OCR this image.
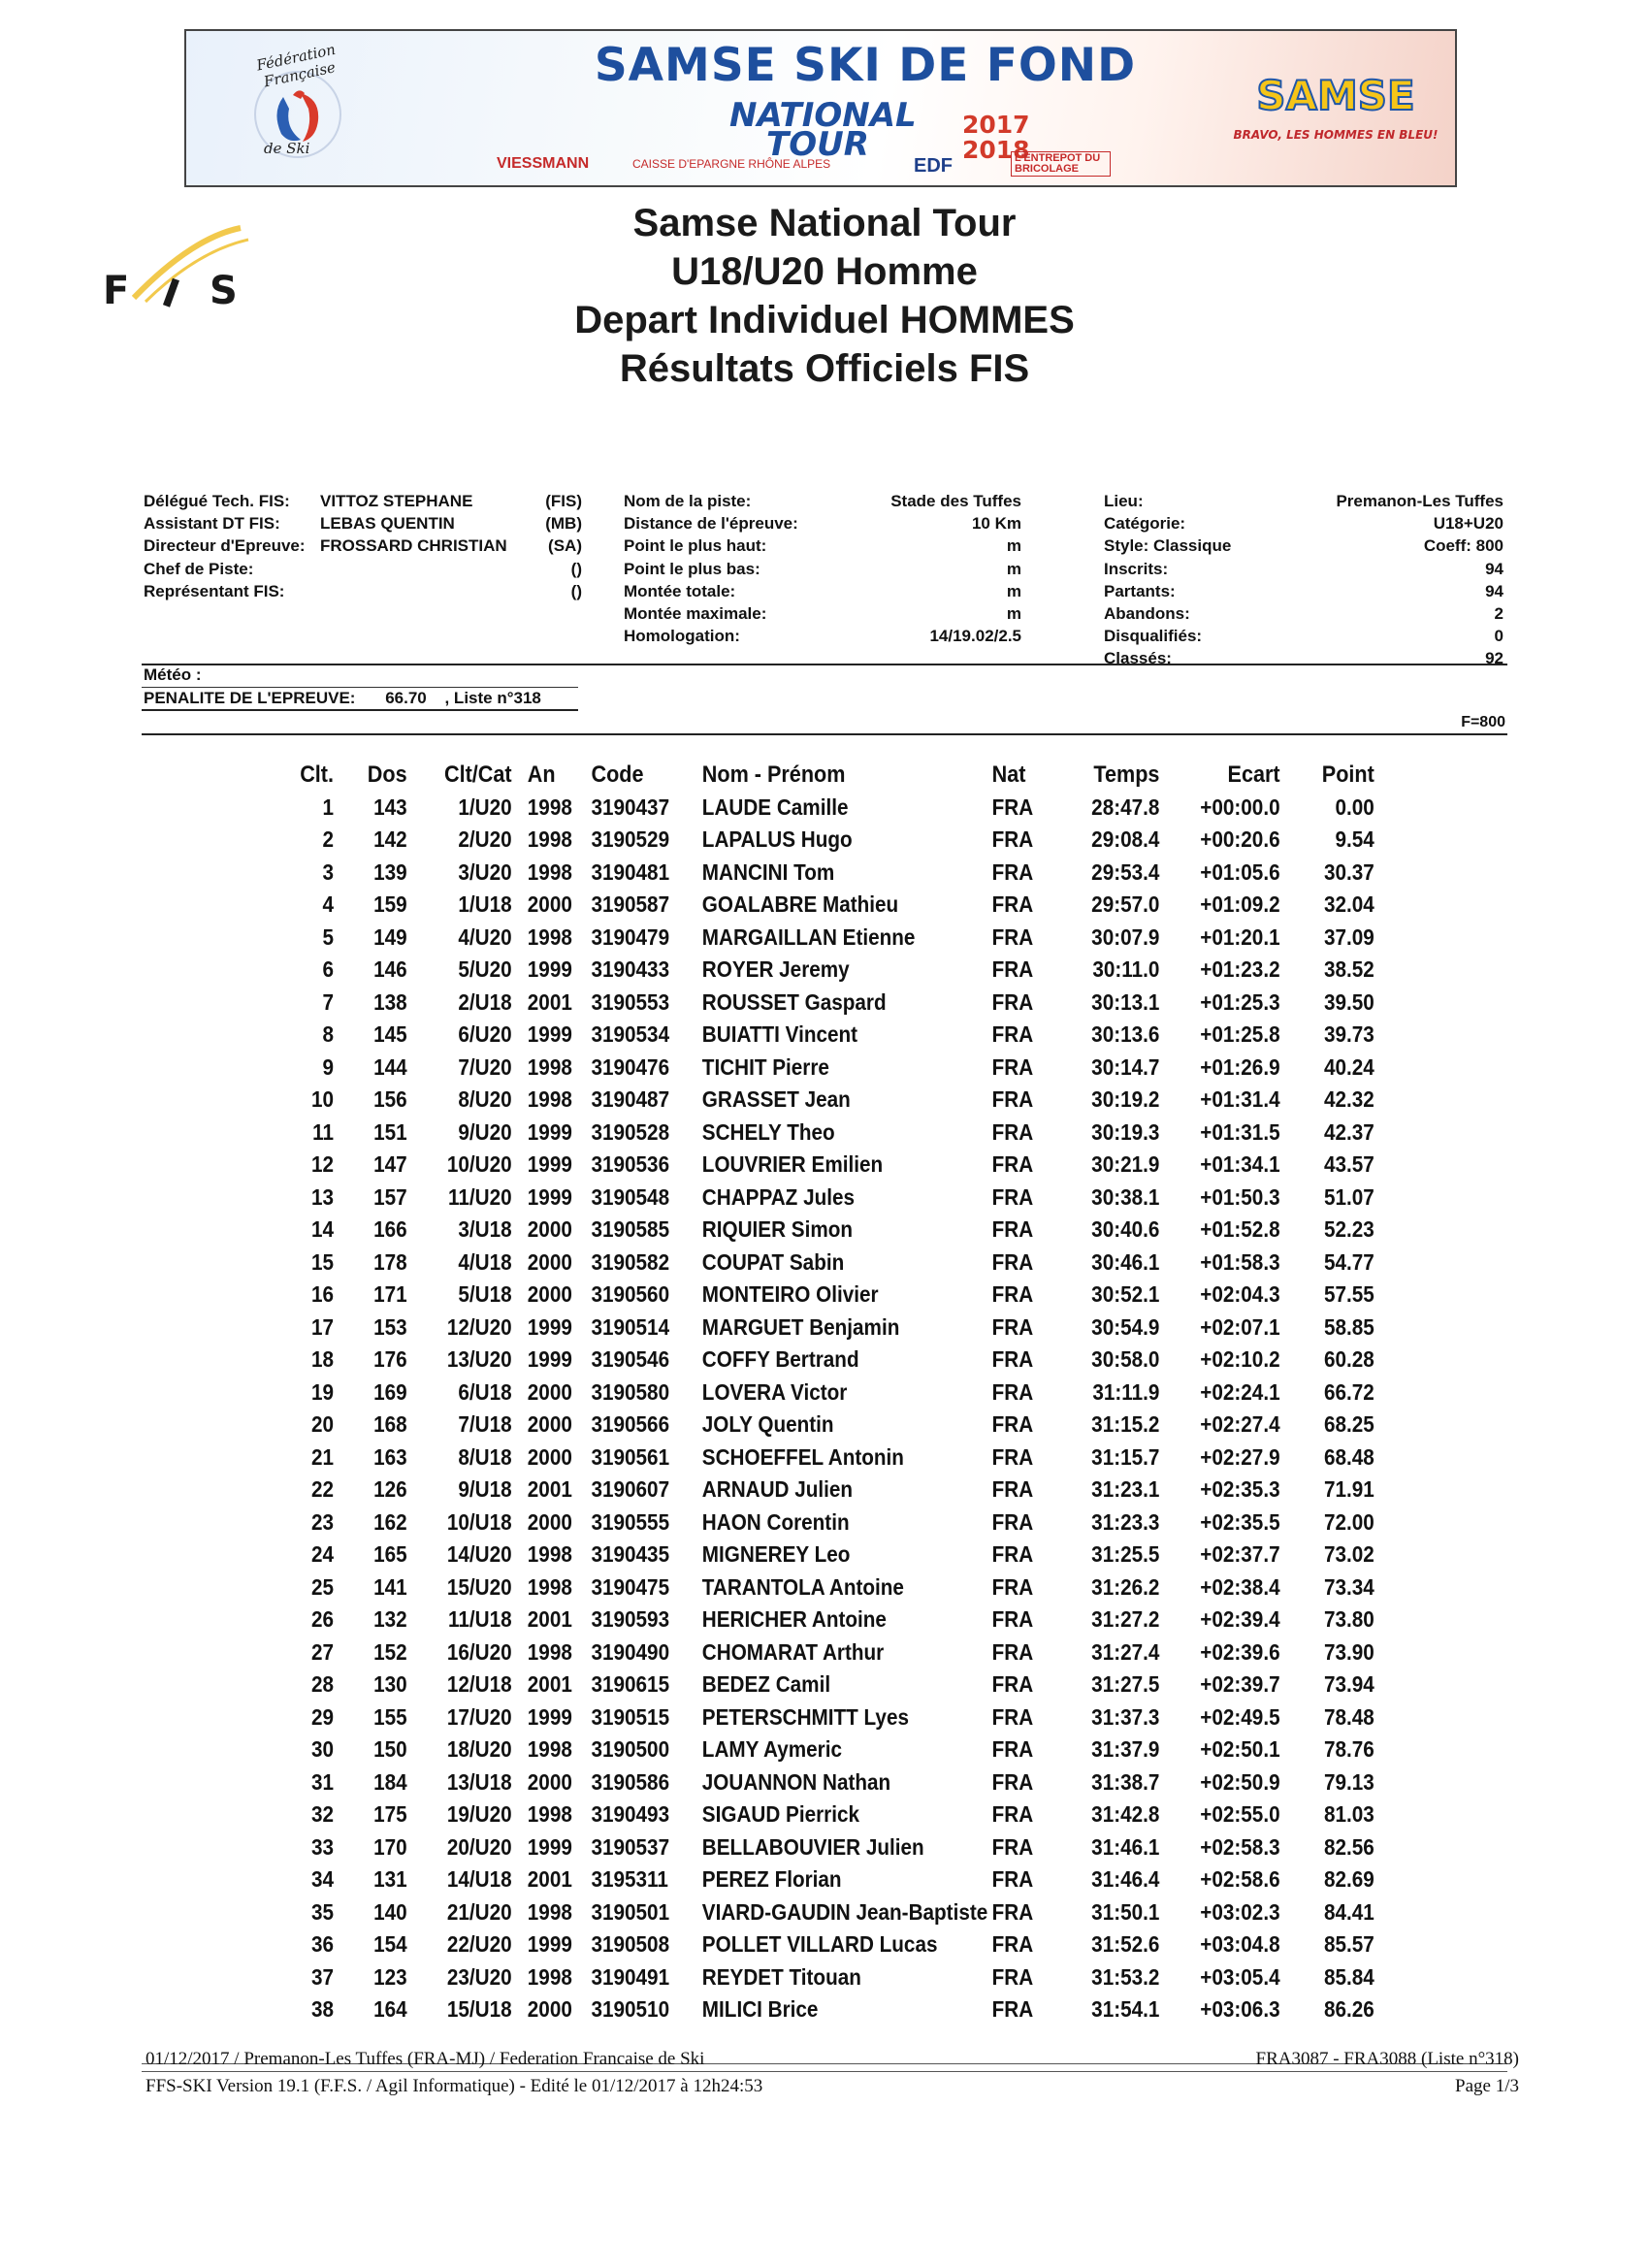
Fédération Française
de Ski
SAMSE SKI DE FOND
NATIONAL
TOUR
2017
2018
VIESSMANN	CAISSE D'EPARGNE RHÔNE ALPES	EDF	L'ENTREPOT DU BRICOLAGE
SAMSE
BRAVO, LES HOMMES EN BLEU!
F I S
Samse National Tour
U18/U20 Homme
Depart Individuel HOMMES
Résultats Officiels FIS
Délégué Tech. FIS: VITTOZ STEPHANE	(FIS)
Assistant DT FIS: LEBAS QUENTIN	(MB)
Directeur d'Epreuve: FROSSARD CHRISTIAN (SA)
Chef de Piste:	()
Représentant FIS:	()
Nom de la piste:	Stade des Tuffes
Distance de l'épreuve:	10 Km
Point le plus haut:	m
Point le plus bas:	m
Montée totale:	m
Montée maximale:	m
Homologation:	14/19.02/2.5
Lieu:	Premanon-Les Tuffes
Catégorie:	U18+U20
Style: Classique	Coeff: 800
Inscrits:	94
Partants:	94
Abandons:	2
Disqualifiés:	0
Classés:	92
Météo :
PENALITE DE L'EPREUVE: 66.70 , Liste n°318
F=800
Clt.	Dos	Clt/Cat An	Code	Nom - Prénom	Nat	Temps	Ecart	Point
1	143	1/U20 1998 3190437	LAUDE Camille	FRA	28:47.8	+00:00.0	0.00
2	142	2/U20 1998 3190529	LAPALUS Hugo	FRA	29:08.4	+00:20.6	9.54
3	139	3/U20 1998 3190481	MANCINI Tom	FRA	29:53.4	+01:05.6	30.37
4	159	1/U18 2000 3190587	GOALABRE Mathieu	FRA	29:57.0	+01:09.2	32.04
5	149	4/U20 1998 3190479	MARGAILLAN Etienne	FRA	30:07.9	+01:20.1	37.09
6	146	5/U20 1999 3190433	ROYER Jeremy	FRA	30:11.0	+01:23.2	38.52
7	138	2/U18 2001 3190553	ROUSSET Gaspard	FRA	30:13.1	+01:25.3	39.50
8	145	6/U20 1999 3190534	BUIATTI Vincent	FRA	30:13.6	+01:25.8	39.73
9	144	7/U20 1998 3190476	TICHIT Pierre	FRA	30:14.7	+01:26.9	40.24
10	156	8/U20 1998 3190487	GRASSET Jean	FRA	30:19.2	+01:31.4	42.32
11	151	9/U20 1999 3190528	SCHELY Theo	FRA	30:19.3	+01:31.5	42.37
12	147	10/U20 1999 3190536	LOUVRIER Emilien	FRA	30:21.9	+01:34.1	43.57
13	157	11/U20 1999 3190548	CHAPPAZ Jules	FRA	30:38.1	+01:50.3	51.07
14	166	3/U18 2000 3190585	RIQUIER Simon	FRA	30:40.6	+01:52.8	52.23
15	178	4/U18 2000 3190582	COUPAT Sabin	FRA	30:46.1	+01:58.3	54.77
16	171	5/U18 2000 3190560	MONTEIRO Olivier	FRA	30:52.1	+02:04.3	57.55
17	153	12/U20 1999 3190514	MARGUET Benjamin	FRA	30:54.9	+02:07.1	58.85
18	176	13/U20 1999 3190546	COFFY Bertrand	FRA	30:58.0	+02:10.2	60.28
19	169	6/U18 2000 3190580	LOVERA Victor	FRA	31:11.9	+02:24.1	66.72
20	168	7/U18 2000 3190566	JOLY Quentin	FRA	31:15.2	+02:27.4	68.25
21	163	8/U18 2000 3190561	SCHOEFFEL Antonin	FRA	31:15.7	+02:27.9	68.48
22	126	9/U18 2001 3190607	ARNAUD Julien	FRA	31:23.1	+02:35.3	71.91
23	162	10/U18 2000 3190555	HAON Corentin	FRA	31:23.3	+02:35.5	72.00
24	165	14/U20 1998 3190435	MIGNEREY Leo	FRA	31:25.5	+02:37.7	73.02
25	141	15/U20 1998 3190475	TARANTOLA Antoine	FRA	31:26.2	+02:38.4	73.34
26	132	11/U18 2001 3190593	HERICHER Antoine	FRA	31:27.2	+02:39.4	73.80
27	152	16/U20 1998 3190490	CHOMARAT Arthur	FRA	31:27.4	+02:39.6	73.90
28	130	12/U18 2001 3190615	BEDEZ Camil	FRA	31:27.5	+02:39.7	73.94
29	155	17/U20 1999 3190515	PETERSCHMITT Lyes	FRA	31:37.3	+02:49.5	78.48
30	150	18/U20 1998 3190500	LAMY Aymeric	FRA	31:37.9	+02:50.1	78.76
31	184	13/U18 2000 3190586	JOUANNON Nathan	FRA	31:38.7	+02:50.9	79.13
32	175	19/U20 1998 3190493	SIGAUD Pierrick	FRA	31:42.8	+02:55.0	81.03
33	170	20/U20 1999 3190537	BELLABOUVIER Julien	FRA	31:46.1	+02:58.3	82.56
34	131	14/U18 2001 3195311	PEREZ Florian	FRA	31:46.4	+02:58.6	82.69
35	140	21/U20 1998 3190501	VIARD-GAUDIN Jean-Baptiste FRA	31:50.1	+03:02.3	84.41
36	154	22/U20 1999 3190508	POLLET VILLARD Lucas	FRA	31:52.6	+03:04.8	85.57
37	123	23/U20 1998 3190491	REYDET Titouan	FRA	31:53.2	+03:05.4	85.84
38	164	15/U18 2000 3190510	MILICI Brice	FRA	31:54.1	+03:06.3	86.26
01/12/2017 / Premanon-Les Tuffes (FRA-MJ) / Federation Francaise de Ski	FRA3087 - FRA3088 (Liste n°318)
FFS-SKI Version 19.1 (F.F.S. / Agil Informatique) - Edité le 01/12/2017 à 12h24:53	Page 1/3
